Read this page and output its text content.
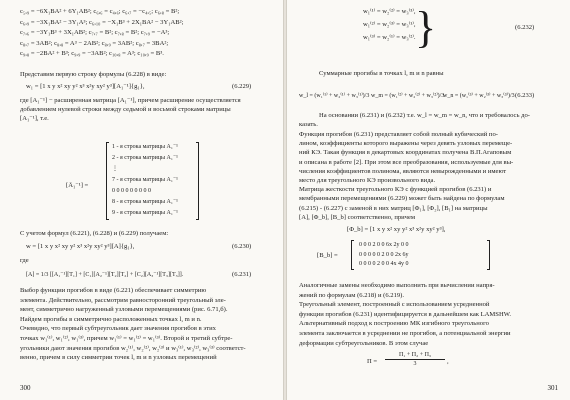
c₅,₉ = −6X₁BA² + 6Y₁AB²; c₆,₆ = c₄,₆; c₆,₇ = −c₄,₅; c₆,₈ = B²;
c₆,₉ = −3X₁BA² − 3Y₁A³; c₆,₁₀ = −X₁B³ + 2X₁BA² − 3Y₁AB²;
c₇,₆ = −3Y₁B³ + 3X₁AB²; c₇,₇ = B²; c₇,₈ = B²; c₇,₉ = −A³;
c₈,₇ = 3AB²; c₈,₈ = A³ − 2AB²; c₈,₉ = 3AB²; c₈,₇ = 3BA²;
c₉,₈ = −2BA² + B³; c₉,₉ = −3AB²; c₁₀,₈ = A³; c₁₀,₉ = B³.
Представим первую строку формулы (6.228) в виде:
w₁ = [1 x y x² xy y² x³ x²y xy² y³][A₁⁻¹]{g₁},	(6.229)
где [A₁⁻¹] − расширенная матрица [A₁⁻¹], причем расширение осуществляется
добавлением нулевой строки между седьмой и восьмой строками матрицы
[A₁⁻¹], т.е.
[Ā₁⁻¹] =
1 - я строка матрицы A₁⁻¹
2 - я строка матрицы A₁⁻¹
⋮
7 - я строка матрицы A₁⁻¹
0 0 0 0 0 0 0 0 0
8 - я строка матрицы A₁⁻¹
9 - я строка матрицы A₁⁻¹
С учетом формул (6.221), (6.228) и (6.229) получаем:
w = [1 x y x² xy y² x³ x²y xy² y³][A]{g₁},	(6.230)
где
[A] = 1/3 [[A₁⁻¹][T₁] + [C₁][A₂⁻¹][T₂][T₂] + [C₂][A₃⁻¹][T₃][T₃]].	(6.231)
Выбор функции прогибов в виде (6.221) обеспечивает симметрию
элемента. Действительно, рассмотрим равносторонний треугольный эле-
мент, симметрично нагруженный узловыми перемещениями (рис. 6.71,б).
Найдем прогибы в симметрично расположенных точках l, m и n.
Очевидно, что первый субтреугольник дает значения прогибов в этих
точках w₁⁽¹⁾, w₁⁽²⁾, w₁⁽³⁾, причем w₁⁽¹⁾ = w₁⁽²⁾ = w₁⁽³⁾. Второй и третий субтре-
угольники дают значения прогибов w₂⁽¹⁾, w₂⁽²⁾, w₂⁽³⁾ и w₃⁽¹⁾, w₃⁽²⁾, w₃⁽³⁾ соответст-
венно, причем в силу симметрии точек l, m и n узловых перемещений
300
w₁⁽¹⁾ = w₂⁽²⁾ = w₃⁽³⁾,
w₁⁽²⁾ = w₂⁽³⁾ = w₃⁽¹⁾,
w₁⁽³⁾ = w₂⁽¹⁾ = w₃⁽²⁾. }	(6.232)
Суммарные прогибы в точках l, m и n равны
w_l = (w₁⁽¹⁾ + w₂⁽¹⁾ + w₃⁽¹⁾)/3 w_m = (w₁⁽²⁾ + w₂⁽²⁾ + w₃⁽²⁾)/3
w_n = (w₁⁽³⁾ + w₂⁽³⁾ + w₃⁽³⁾)/3 (6.233)
На основании (6.231) и (6.232) т.е. w_l = w_m = w_n, что и требовалось до-
казать.
Функция прогибов (6.231) представляет собой полный кубический по-
лином, коэффициенты которого выражены через девять узловых перемеще-
ний КЭ. Такая функция в декартовых координатах получена В.П.Агаповым
и описана в работе [2]. При этом все преобразования, используемые для вы-
числения коэффициентов полинома, являются невырожденными и имеют
место для треугольного КЭ произвольного вида.
Матрица жесткости треугольного КЭ с функцией прогибов (6.231) и
мембранными перемещениями (6.229) может быть найдена по формулам
(6.215) - (6.227) с заменой в них матриц [Φ₁], [Φ₂], [B₁] на матрицы
[A], [Φ_b], [B_b] соответственно, причем
[Φ_b] = [1 x y x² xy y² x³ x²y xy² y³],
[B_b] =
0 0 0 2 0 0 6x 2y 0 0
0 0 0 0 0 2 0 0 2x 6y
0 0 0 0 2 0 0 4x 4y 0
Аналогичные замены необходимо выполнить при вычислении напря-
жений по формулам (6.218) и (6.219).
Треугольный элемент, построенный с использованием усредненной
функции прогибов (6.231) идентифицируется в дальнейшем как LAMSHW.
Альтернативный подход к построению МК изгибного треугольного
элемента заключается в усреднении не прогибов, а потенциальной энергии
деформации субтреугольников. В этом случае
Π =
Π₁ + Π₂ + Π₃
3	,
301
